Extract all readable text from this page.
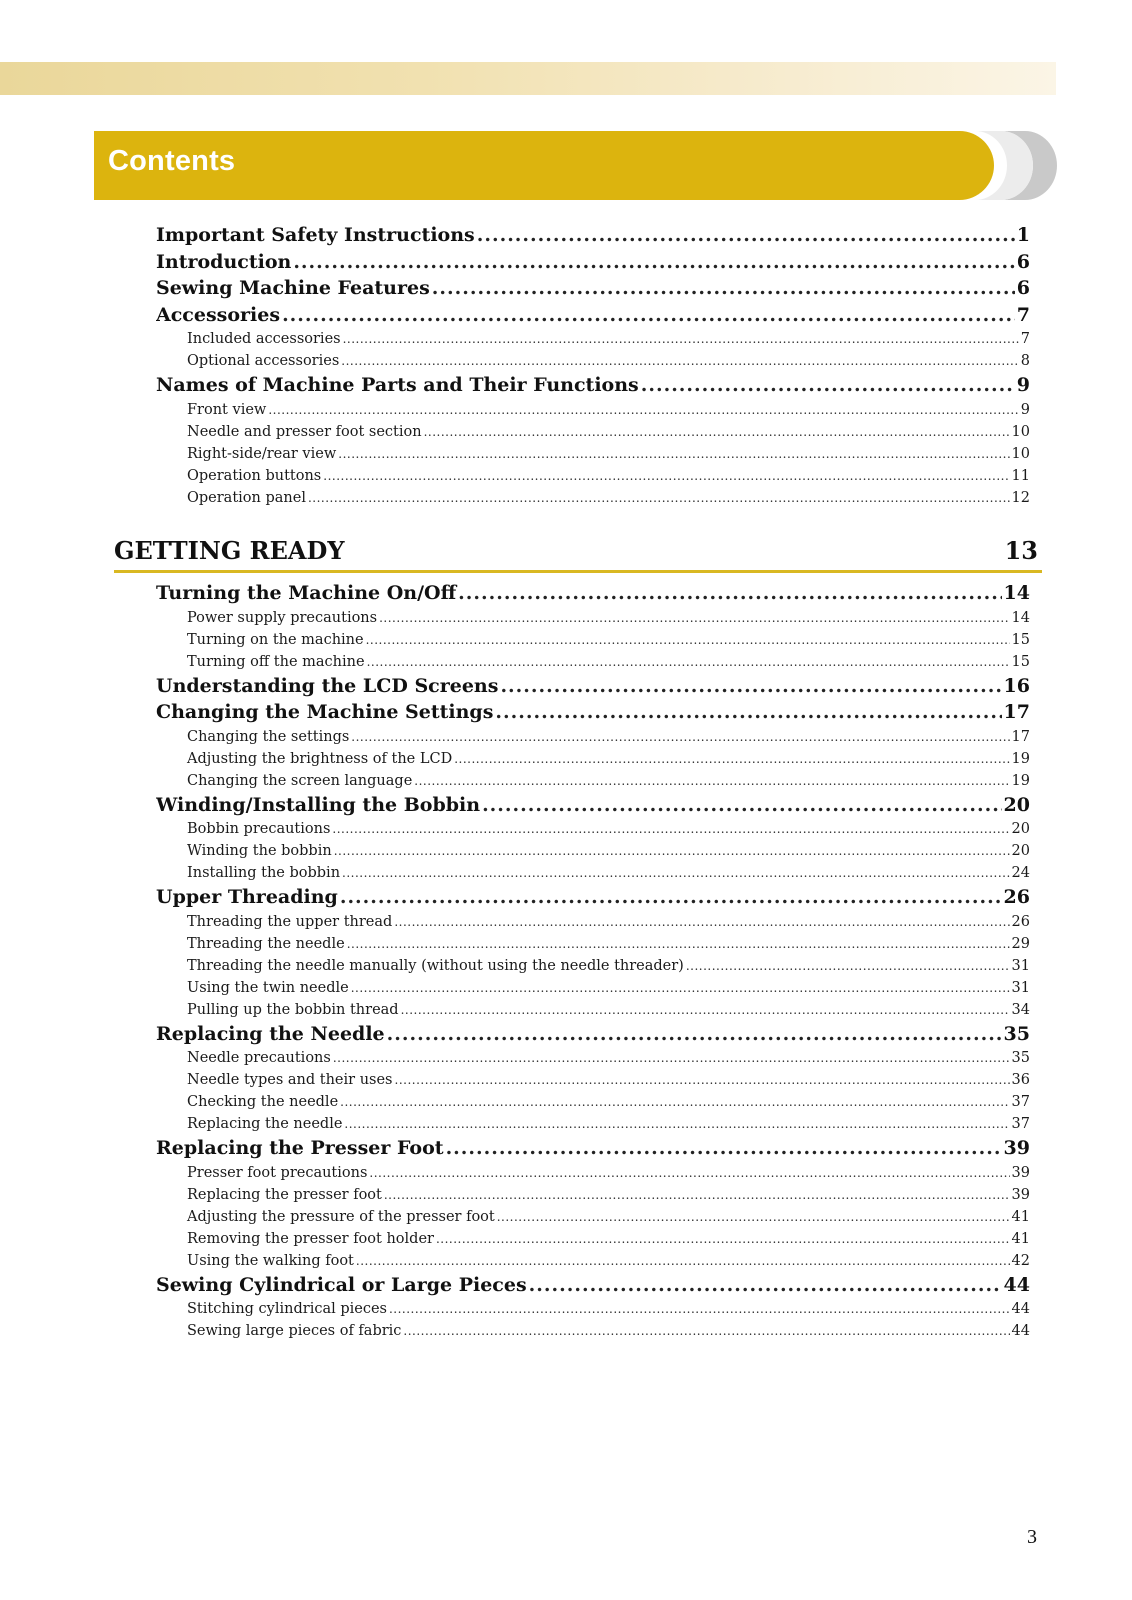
Contents
Important Safety Instructions .....	1
Introduction .....	6
Sewing Machine Features .....	6
Accessories .....	7
Included accessories .....	7
Optional accessories .....	8
Names of Machine Parts and Their Functions .....	9
Front view .....	9
Needle and presser foot section .....	10
Right-side/rear view .....	10
Operation buttons .....	11
Operation panel .....	12
GETTING READY	13
Turning the Machine On/Off .....	14
Power supply precautions .....	14
Turning on the machine .....	15
Turning off the machine .....	15
Understanding the LCD Screens .....	16
Changing the Machine Settings .....	17
Changing the settings .....	17
Adjusting the brightness of the LCD .....	19
Changing the screen language .....	19
Winding/Installing the Bobbin .....	20
Bobbin precautions .....	20
Winding the bobbin .....	20
Installing the bobbin .....	24
Upper Threading .....	26
Threading the upper thread .....	26
Threading the needle .....	29
Threading the needle manually (without using the needle threader) .....	31
Using the twin needle .....	31
Pulling up the bobbin thread .....	34
Replacing the Needle .....	35
Needle precautions .....	35
Needle types and their uses .....	36
Checking the needle .....	37
Replacing the needle .....	37
Replacing the Presser Foot .....	39
Presser foot precautions .....	39
Replacing the presser foot .....	39
Adjusting the pressure of the presser foot .....	41
Removing the presser foot holder .....	41
Using the walking foot .....	42
Sewing Cylindrical or Large Pieces .....	44
Stitching cylindrical pieces .....	44
Sewing large pieces of fabric .....	44
3
